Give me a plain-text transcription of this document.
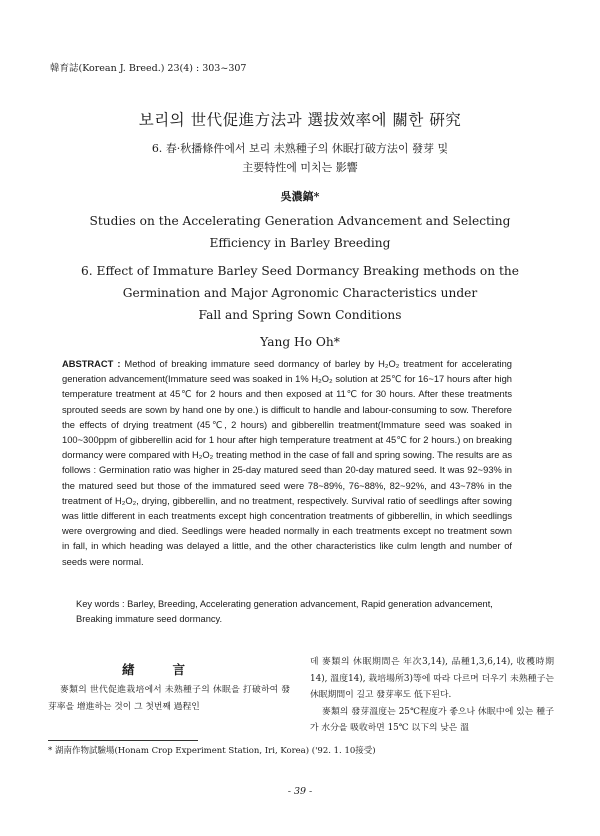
韓育誌(Korean J. Breed.) 23(4) : 303~307
보리의 世代促進方法과 選拔效率에 關한 硏究
6. 春·秋播條件에서 보리 未熟種子의 休眠打破方法이 發芽 및
主要特性에 미치는 影響
吳濃鎬*
Studies on the Accelerating Generation Advancement and Selecting
Efficiency in Barley Breeding
6. Effect of Immature Barley Seed Dormancy Breaking methods on the
Germination and Major Agronomic Characteristics under
Fall and Spring Sown Conditions
Yang Ho Oh*

ABSTRACT : Method of breaking immature seed dormancy of barley by H₂O₂ treatment for accelerating generation advancement(Immature seed was soaked in 1% H₂O₂ solution at 25℃ for 16~17 hours after high temperature treatment at 45℃ for 2 hours and then exposed at 11℃ for 30 hours. After these treatments sprouted seeds are sown by hand one by one.) is difficult to handle and labour-consuming to sow. Therefore the effects of drying treatment (45℃, 2 hours) and gibberellin treatment(Immature seed was soaked in 100~300ppm of gibberellin acid for 1 hour after high temperature treatment at 45℃ for 2 hours.) on breaking dormancy were compared with H₂O₂ treating method in the case of fall and spring sowing. The results are as follows : Germination ratio was higher in 25-day matured seed than 20-day matured seed. It was 92~93% in the matured seed but those of the immatured seed were 78~89%, 76~88%, 82~92%, and 43~78% in the treatment of H₂O₂, drying, gibberellin, and no treatment, respectively. Survival ratio of seedlings after sowing was little different in each treatments except high concentration treatments of gibberellin, in which seedlings were overgrowing and died. Seedlings were headed normally in each treatments except no treatment sown in fall, in which heading was delayed a little, and the other characteristics like culm length and number of seeds were normal.

Key words : Barley, Breeding, Accelerating generation advancement, Rapid generation advancement, Breaking immature seed dormancy.

緖言
麥類의 世代促進栽培에서 未熟種子의 休眠을 打破하여 發芽率을 增進하는 것이 그 첫번째 過程인

데 麥類의 休眠期間은 年次3,14), 品種1,3,6,14), 收穫時期14), 溫度14), 栽培場所3)等에 따라 다르며 더우기 未熟種子는 休眠期間이 길고 發芽率도 低下된다.

麥類의 發芽溫度는 25℃程度가 좋으나 休眠中에 있는 種子가 水分을 吸收하면 15℃ 以下의 낮은 溫

* 湖南作物試驗場(Honam Crop Experiment Station, Iri, Korea) ('92. 1. 10接受)
- 39 -
